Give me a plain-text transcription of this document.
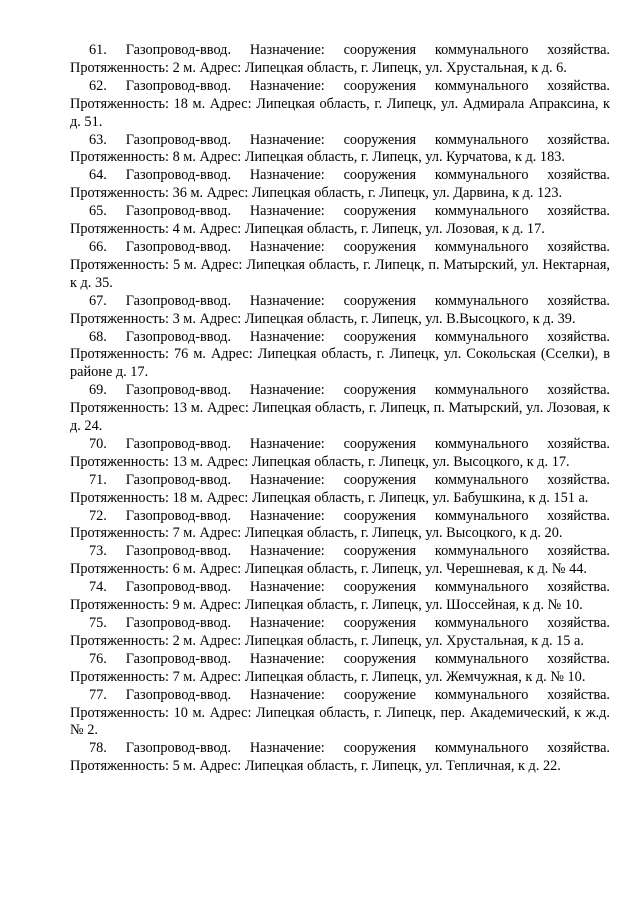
61. Газопровод-ввод. Назначение: сооружения коммунального хозяйства. Протяженность: 2 м. Адрес: Липецкая область, г. Липецк, ул. Хрустальная, к д. 6.

62. Газопровод-ввод. Назначение: сооружения коммунального хозяйства. Протяженность: 18 м. Адрес: Липецкая область, г. Липецк, ул. Адмирала Апраксина, к д. 51.

63. Газопровод-ввод. Назначение: сооружения коммунального хозяйства. Протяженность: 8 м. Адрес: Липецкая область, г. Липецк, ул. Курчатова, к д. 183.

64. Газопровод-ввод. Назначение: сооружения коммунального хозяйства. Протяженность: 36 м. Адрес: Липецкая область, г. Липецк, ул. Дарвина, к д. 123.

65. Газопровод-ввод. Назначение: сооружения коммунального хозяйства. Протяженность: 4 м. Адрес: Липецкая область, г. Липецк, ул. Лозовая, к д. 17.

66. Газопровод-ввод. Назначение: сооружения коммунального хозяйства. Протяженность: 5 м. Адрес: Липецкая область, г. Липецк, п. Матырский, ул. Нектарная, к д. 35.

67. Газопровод-ввод. Назначение: сооружения коммунального хозяйства. Протяженность: 3 м. Адрес: Липецкая область, г. Липецк, ул. В.Высоцкого, к д. 39.

68. Газопровод-ввод. Назначение: сооружения коммунального хозяйства. Протяженность: 76 м. Адрес: Липецкая область, г. Липецк, ул. Сокольская (Сселки), в районе д. 17.

69. Газопровод-ввод. Назначение: сооружения коммунального хозяйства. Протяженность: 13 м. Адрес: Липецкая область, г. Липецк, п. Матырский, ул. Лозовая, к д. 24.

70. Газопровод-ввод. Назначение: сооружения коммунального хозяйства. Протяженность: 13 м. Адрес: Липецкая область, г. Липецк, ул. Высоцкого, к д. 17.

71. Газопровод-ввод. Назначение: сооружения коммунального хозяйства. Протяженность: 18 м. Адрес: Липецкая область, г. Липецк, ул. Бабушкина, к д. 151 а.

72. Газопровод-ввод. Назначение: сооружения коммунального хозяйства. Протяженность: 7 м. Адрес: Липецкая область, г. Липецк, ул. Высоцкого, к д. 20.

73. Газопровод-ввод. Назначение: сооружения коммунального хозяйства. Протяженность: 6 м. Адрес: Липецкая область, г. Липецк, ул. Черешневая, к д. № 44.

74. Газопровод-ввод. Назначение: сооружения коммунального хозяйства. Протяженность: 9 м. Адрес: Липецкая область, г. Липецк, ул. Шоссейная, к д. № 10.

75. Газопровод-ввод. Назначение: сооружения коммунального хозяйства. Протяженность: 2 м. Адрес: Липецкая область, г. Липецк, ул. Хрустальная, к д. 15 а.

76. Газопровод-ввод. Назначение: сооружения коммунального хозяйства. Протяженность: 7 м. Адрес: Липецкая область, г. Липецк, ул. Жемчужная, к д. № 10.

77. Газопровод-ввод. Назначение: сооружение коммунального хозяйства. Протяженность: 10 м. Адрес: Липецкая область, г. Липецк, пер. Академический, к ж.д. № 2.

78. Газопровод-ввод. Назначение: сооружения коммунального хозяйства. Протяженность: 5 м. Адрес: Липецкая область, г. Липецк, ул. Тепличная, к д. 22.
